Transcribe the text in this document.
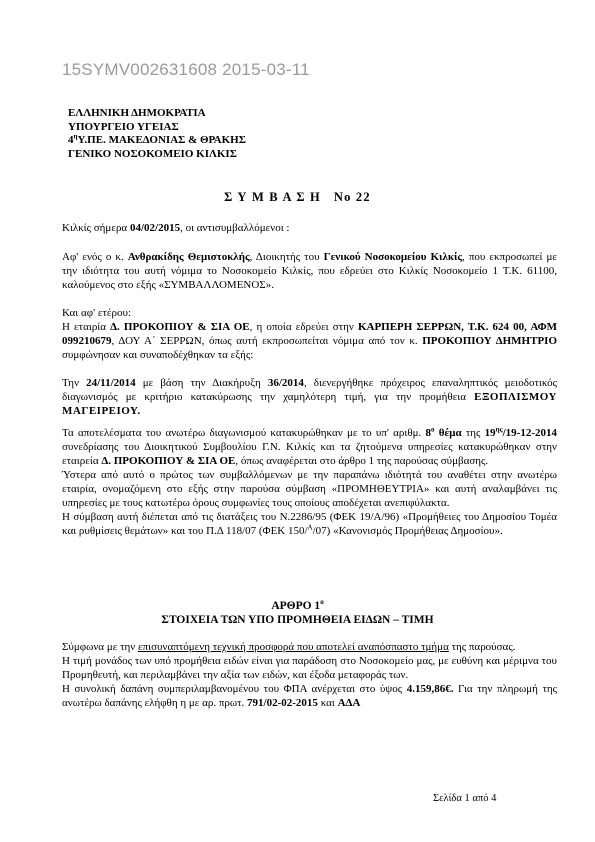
15SYMV002631608 2015-03-11
ΕΛΛΗΝΙΚΗ ΔΗΜΟΚΡΑΤΙΑ
ΥΠΟΥΡΓΕΙΟ ΥΓΕΙΑΣ
$4^\eta\Upsilon.\Pi E$. ΜΑΚΕΔΟΝΙΑΣ & ΘΡΑΚΗΣ
ΓΕΝΙΚΟ ΝΟΣΟΚΟΜΕΙΟ ΚΙΛΚΙΣ
Σ Υ Μ Β Α Σ Η   Νο 22

Κιλκίς σήμερα 04/02/2015, οι αντισυμβαλλόμενοι :

Αφ' ενός ο κ. Ανθρακίδης Θεμιστοκλής, Διοικητής του Γενικού Νοσοκομείου Κιλκίς, που εκπροσωπεί με την ιδιότητα του αυτή νόμιμα το Νοσοκομείο Κιλκίς, που εδρεύει στο Κιλκίς Νοσοκομείο 1 Τ.Κ. 61100, καλούμενος στο εξής «ΣΥΜΒΑΛΛΟΜΕΝΟΣ».

Και αφ' ετέρου:

Η εταιρία Δ. ΠΡΟΚΟΠΙΟΥ & ΣΙΑ ΟΕ, η οποία εδρεύει στην ΚΑΡΠΕΡΗ ΣΕΡΡΩΝ, Τ.Κ. 624 00, ΑΦΜ 099210679, ΔΟΥ Α΄ ΣΕΡΡΩΝ, όπως αυτή εκπροσωπείται νόμιμα από τον κ. ΠΡΟΚΟΠΙΟΥ ΔΗΜΗΤΡΙΟ συμφώνησαν και συναποδέχθηκαν τα εξής:

Την 24/11/2014 με βάση την Διακήρυξη 36/2014, διενεργήθηκε πρόχειρος επαναληπτικός μειοδοτικός διαγωνισμός με κριτήριο κατακύρωσης την χαμηλότερη τιμή, για την προμήθεια ΕΞΟΠΛΙΣΜΟΥ ΜΑΓΕΙΡΕΙΟΥ.

Τα αποτελέσματα του ανωτέρω διαγωνισμού κατακυρώθηκαν με το υπ' αριθμ. $8^o$ θέμα της $19^{\eta\varsigma}/19-12-2014$ συνεδρίασης του Διοικητικού Συμβουλίου Γ.Ν. Κιλκίς και τα ζητούμενα υπηρεσίες κατακυρώθηκαν στην εταιρεία Δ. ΠΡΟΚΟΠΙΟΥ & ΣΙΑ ΟΕ, όπως αναφέρεται στο άρθρο 1 της παρούσας σύμβασης.

Ύστερα από αυτό ο πρώτος των συμβαλλόμενων με την παραπάνω ιδιότητά του αναθέτει στην ανωτέρω εταιρία, ονομαζόμενη στο εξής στην παρούσα σύμβαση «ΠΡΟΜΗΘΕΥΤΡΙΑ» και αυτή αναλαμβάνει τις υπηρεσίες με τους κατωτέρω όρους συμφωνίες τους οποίους αποδέχεται ανεπιφύλακτα.

Η σύμβαση αυτή διέπεται από τις διατάξεις του Ν.2286/95 (ΦΕΚ 19/Α/96) «Προμήθειες του Δημοσίου Τομέα και ρυθμίσεις θεμάτων» και του Π.Δ 118/07 (ΦΕΚ 150/$^A$/07) «Κανονισμός Προμήθειας Δημοσίου».

ΑΡΘΡΟ $1^o$
ΣΤΟΙΧΕΙΑ ΤΩΝ ΥΠΟ ΠΡΟΜΗΘΕΙΑ ΕΙΔΩΝ – ΤΙΜΗ

Σύμφωνα με την επισυναπτόμενη τεχνική προσφορά που αποτελεί αναπόσπαστο τμήμα της παρούσας.

Η τιμή μονάδος των υπό προμήθεια ειδών είναι για παράδοση στο Νοσοκομείο μας, με ευθύνη και μέριμνα του Προμηθευτή, και περιλαμβάνει την αξία των ειδών, και έξοδα μεταφοράς των.

Η συνολική δαπάνη συμπεριλαμβανομένου του ΦΠΑ ανέρχεται στο ύψος 4.159,86€. Για την πληρωμή της ανωτέρω δαπάνης ελήφθη η με αρ. πρωτ. 791/02-02-2015 και ΑΔΑ

Σελίδα 1 από 4
